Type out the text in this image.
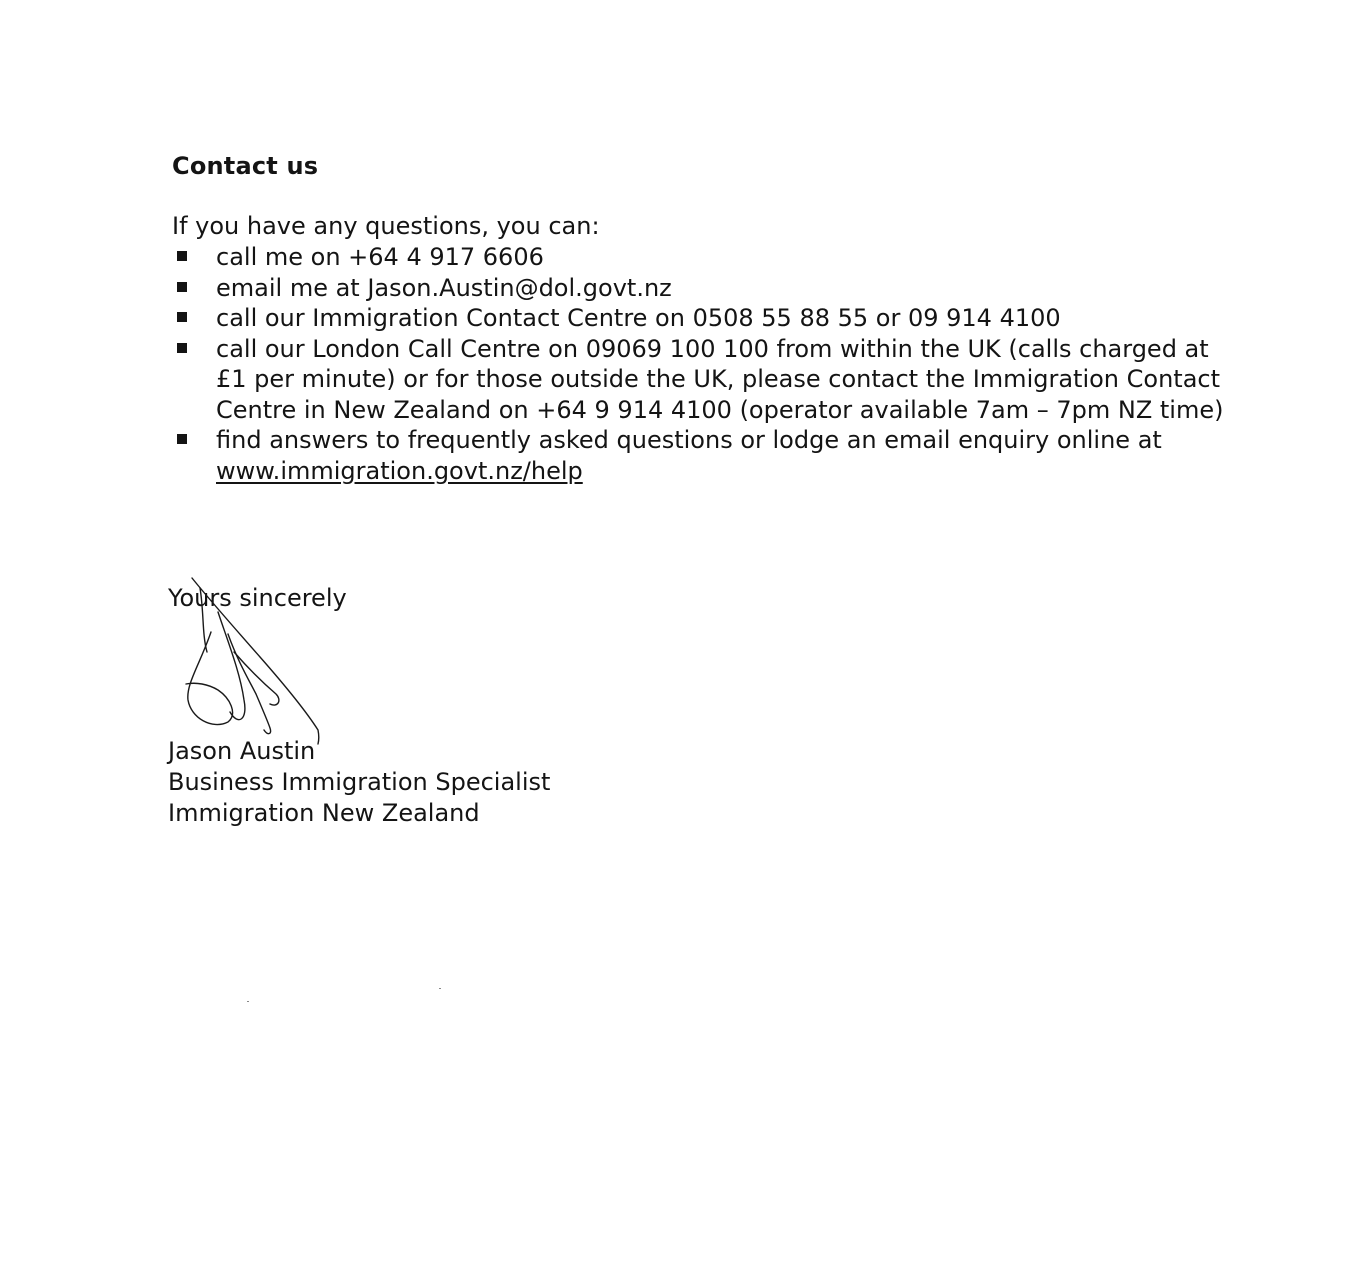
Contact us
If you have any questions, you can:
call me on +64 4 917 6606
email me at Jason.Austin@dol.govt.nz
call our Immigration Contact Centre on 0508 55 88 55 or 09 914 4100
call our London Call Centre on 09069 100 100 from within the UK (calls charged at £1 per minute) or for those outside the UK, please contact the Immigration Contact Centre in New Zealand on +64 9 914 4100 (operator available 7am – 7pm NZ time)
find answers to frequently asked questions or lodge an email enquiry online at www.immigration.govt.nz/help
Yours sincerely
Jason Austin
Business Immigration Specialist
Immigration New Zealand
